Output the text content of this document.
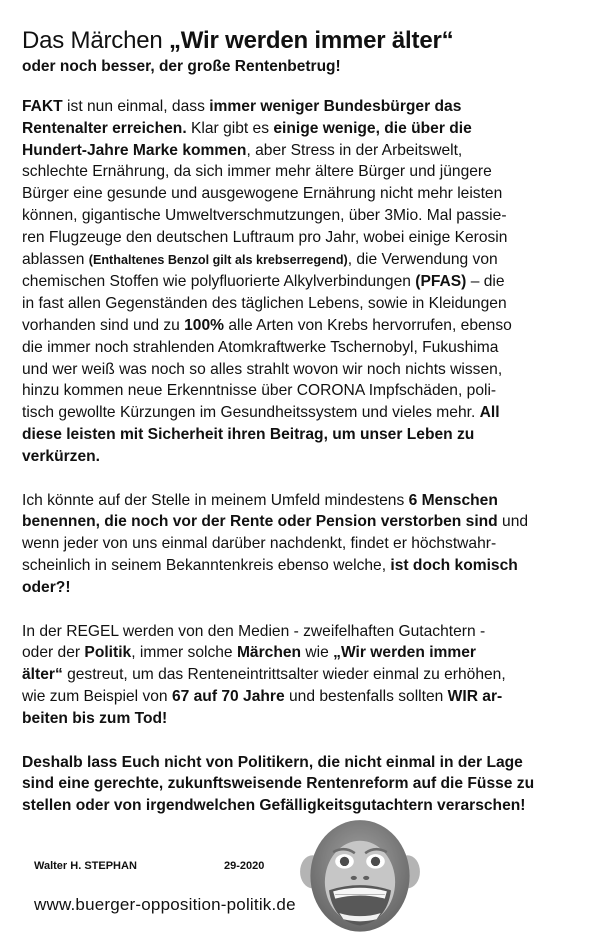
Das Märchen „Wir werden immer älter“
oder noch besser, der große Rentenbetrug!

FAKT ist nun einmal, dass immer weniger Bundesbürger das
Rentenalter erreichen. Klar gibt es einige wenige, die über die
Hundert-Jahre Marke kommen, aber Stress in der Arbeitswelt,
schlechte Ernährung, da sich immer mehr ältere Bürger und jüngere
Bürger eine gesunde und ausgewogene Ernährung nicht mehr leisten
können, gigantische Umweltverschmutzungen, über 3Mio. Mal passie-
ren Flugzeuge den deutschen Luftraum pro Jahr, wobei einige Kerosin
ablassen (Enthaltenes Benzol gilt als krebserregend), die Verwendung von
chemischen Stoffen wie polyfluorierte Alkylverbindungen (PFAS) – die
in fast allen Gegenständen des täglichen Lebens, sowie in Kleidungen
vorhanden sind und zu 100% alle Arten von Krebs hervorrufen, ebenso
die immer noch strahlenden Atomkraftwerke Tschernobyl, Fukushima
und wer weiß was noch so alles strahlt wovon wir noch nichts wissen,
hinzu kommen neue Erkenntnisse über CORONA Impfschäden, poli-
tisch gewollte Kürzungen im Gesundheitssystem und vieles mehr. All
diese leisten mit Sicherheit ihren Beitrag, um unser Leben zu
verkürzen.

Ich könnte auf der Stelle in meinem Umfeld mindestens 6 Menschen
benennen, die noch vor der Rente oder Pension verstorben sind und
wenn jeder von uns einmal darüber nachdenkt, findet er höchstwahr-
scheinlich in seinem Bekanntenkreis ebenso welche, ist doch komisch
oder?!

In der REGEL werden von den Medien - zweifelhaften Gutachtern -
oder der Politik, immer solche Märchen wie „Wir werden immer
älter“ gestreut, um das Renteneintrittsalter wieder einmal zu erhöhen,
wie zum Beispiel von 67 auf 70 Jahre und bestenfalls sollten WIR ar-
beiten bis zum Tod!

Deshalb lass Euch nicht von Politikern, die nicht einmal in der Lage
sind eine gerechte, zukunftsweisende Rentenreform auf die Füsse zu
stellen oder von irgendwelchen Gefälligkeitsgutachtern verarschen!

Walter H. STEPHAN	29-2020
www.buerger-opposition-politik.de
